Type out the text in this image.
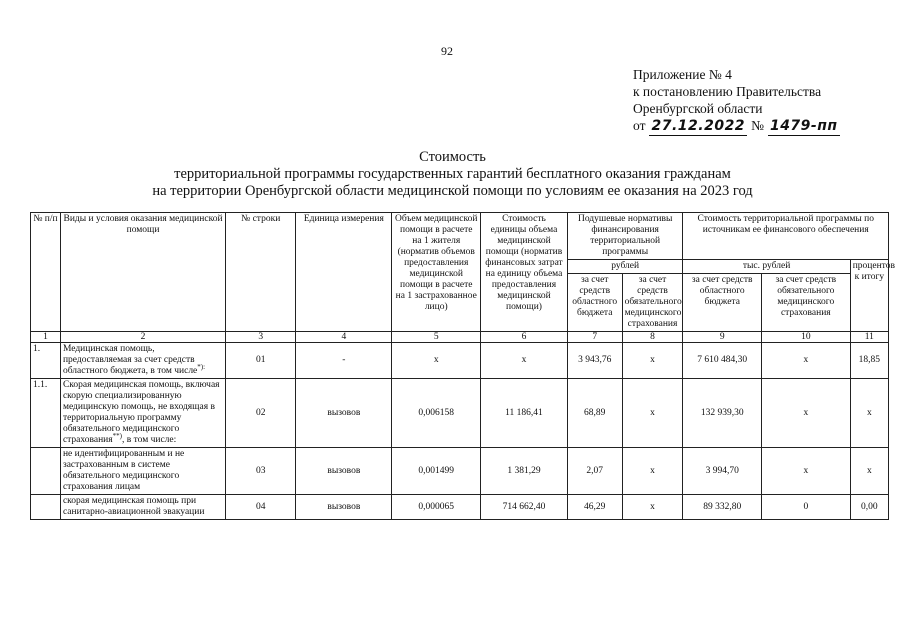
92
Приложение № 4
к постановлению Правительства
Оренбургской области
от 27.12.2022 № 1479-пп
Стоимость
территориальной программы государственных гарантий бесплатного оказания гражданам
на территории Оренбургской области медицинской помощи по условиям ее оказания на 2023 год
№ п/п	Виды и условия оказания медицинской помощи	№ строки	Единица измерения	Объем медицинской помощи в расчете на 1 жителя (норматив объемов предоставления медицинской помощи в расчете на 1 застрахованное лицо)	Стоимость единицы объема медицинской помощи (норматив финансовых затрат на единицу объема предоставления медицинской помощи)	Подушевые нормативы финансирования территориальной программы		Стоимость территориальной программы по источникам ее финансового обеспечения		
						рублей		тыс. рублей		процентов к итогу
						за счет средств областного бюджета	за счет средств обязательного медицинского страхования	за счет средств областного бюджета	за счет средств обязательного медицинского страхования	
1	2	3	4	5	6	7	8	9	10	11
1.	Медицинская помощь, предоставляемая за счет средств областного бюджета, в том числе*):	01	-	x	x	3 943,76	x	7 610 484,30	x	18,85
1.1.	Скорая медицинская помощь, включая скорую специализированную медицинскую помощь, не входящая в территориальную программу обязательного медицинского страхования**), в том числе:	02	вызовов	0,006158	11 186,41	68,89	x	132 939,30	x	x
	не идентифицированным и не застрахованным в системе обязательного медицинского страхования лицам	03	вызовов	0,001499	1 381,29	2,07	x	3 994,70	x	x
	скорая медицинская помощь при санитарно-авиационной эвакуации	04	вызовов	0,000065	714 662,40	46,29	x	89 332,80	0	0,00
